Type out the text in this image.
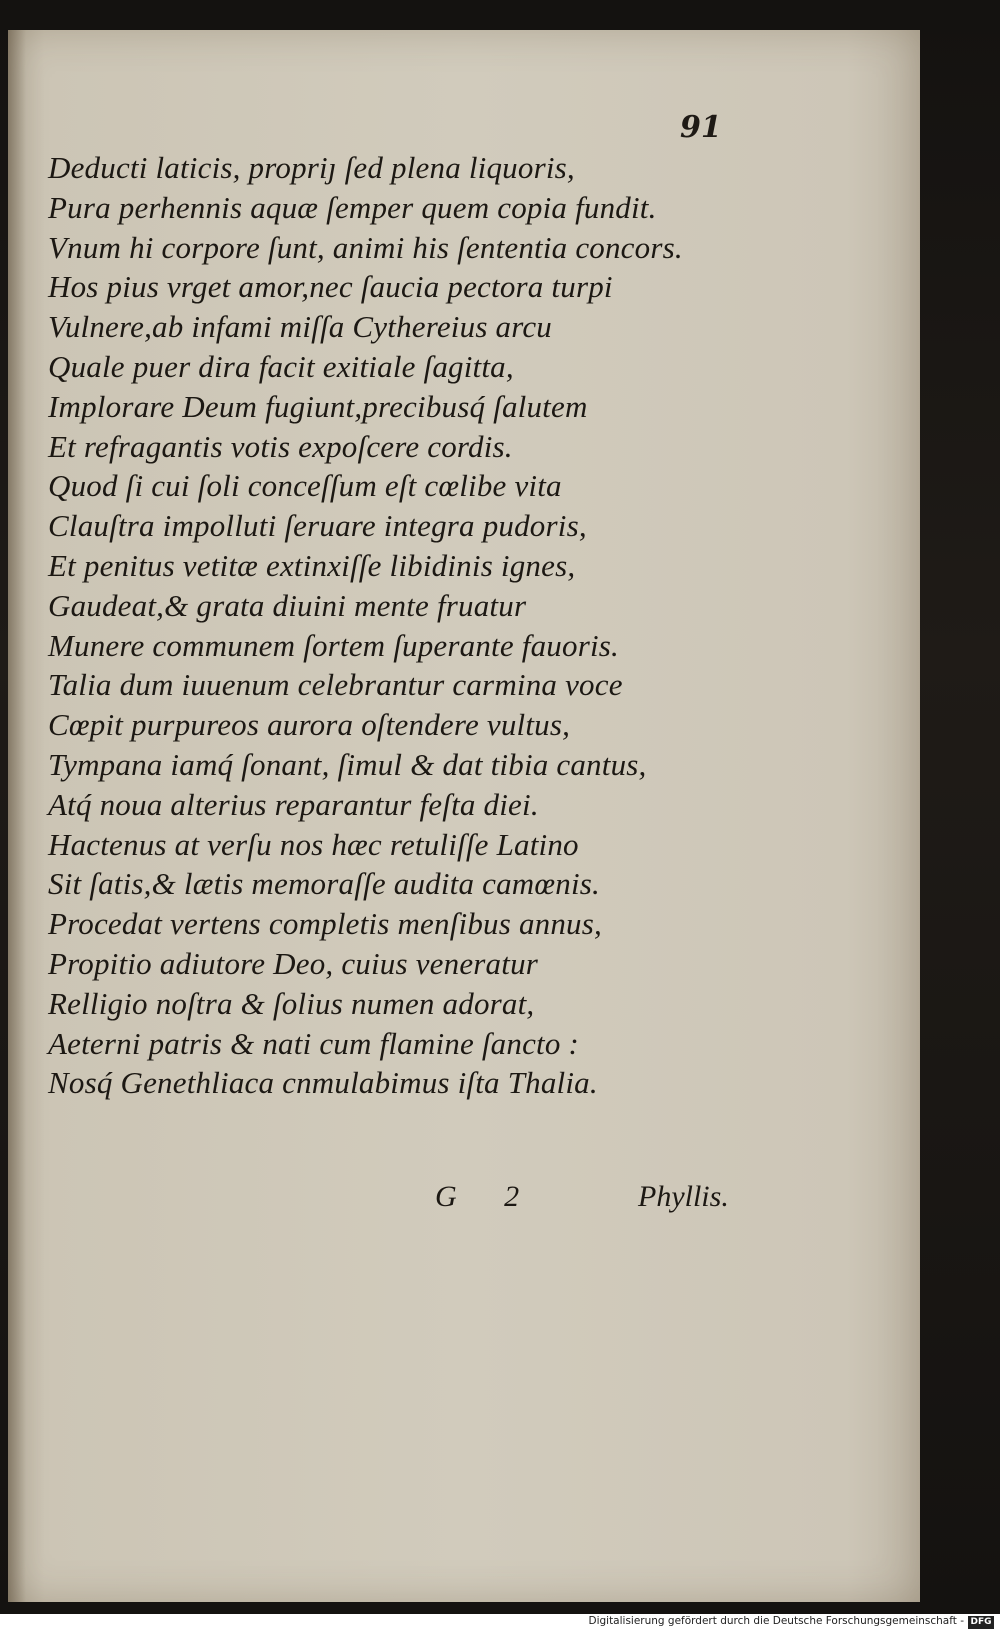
91
Deducti laticis, propriȷ ſed plena liquoris,
Pura perhennis aquæ ſemper quem copia fundit.
Vnum hi corpore ſunt, animi his ſententia concors.
Hos pius vrget amor,nec ſaucia pectora turpi
Vulnere,ab infami miſſa Cythereius arcu
Quale puer dira facit exitiale ſagitta,
Implorare Deum fugiunt,precibusq́ ſalutem
Et refragantis votis expoſcere cordis.
Quod ſi cui ſoli conceſſum eſt cœlibe vita
Clauſtra impolluti ſeruare integra pudoris,
Et penitus vetitæ extinxiſſe libidinis ignes,
Gaudeat,& grata diuini mente fruatur
Munere communem ſortem ſuperante fauoris.
Talia dum iuuenum celebrantur carmina voce
Cœpit purpureos aurora oſtendere vultus,
Tympana iamq́ ſonant, ſimul & dat tibia cantus,
Atq́ noua alterius reparantur feſta diei.
Hactenus at verſu nos hæc retuliſſe Latino
Sit ſatis,& lætis memoraſſe audita camœnis.
Procedat vertens completis menſibus annus,
Propitio adiutore Deo, cuius veneratur
Relligio noſtra & ſolius numen adorat,
Aeterni patris & nati cum flamine ſancto :
Nosq́ Genethliaca cnmulabimus iſta Thalia.
G 2	Phyllis.
Digitalisierung gefördert durch die Deutsche Forschungsgemeinschaft - DFG
